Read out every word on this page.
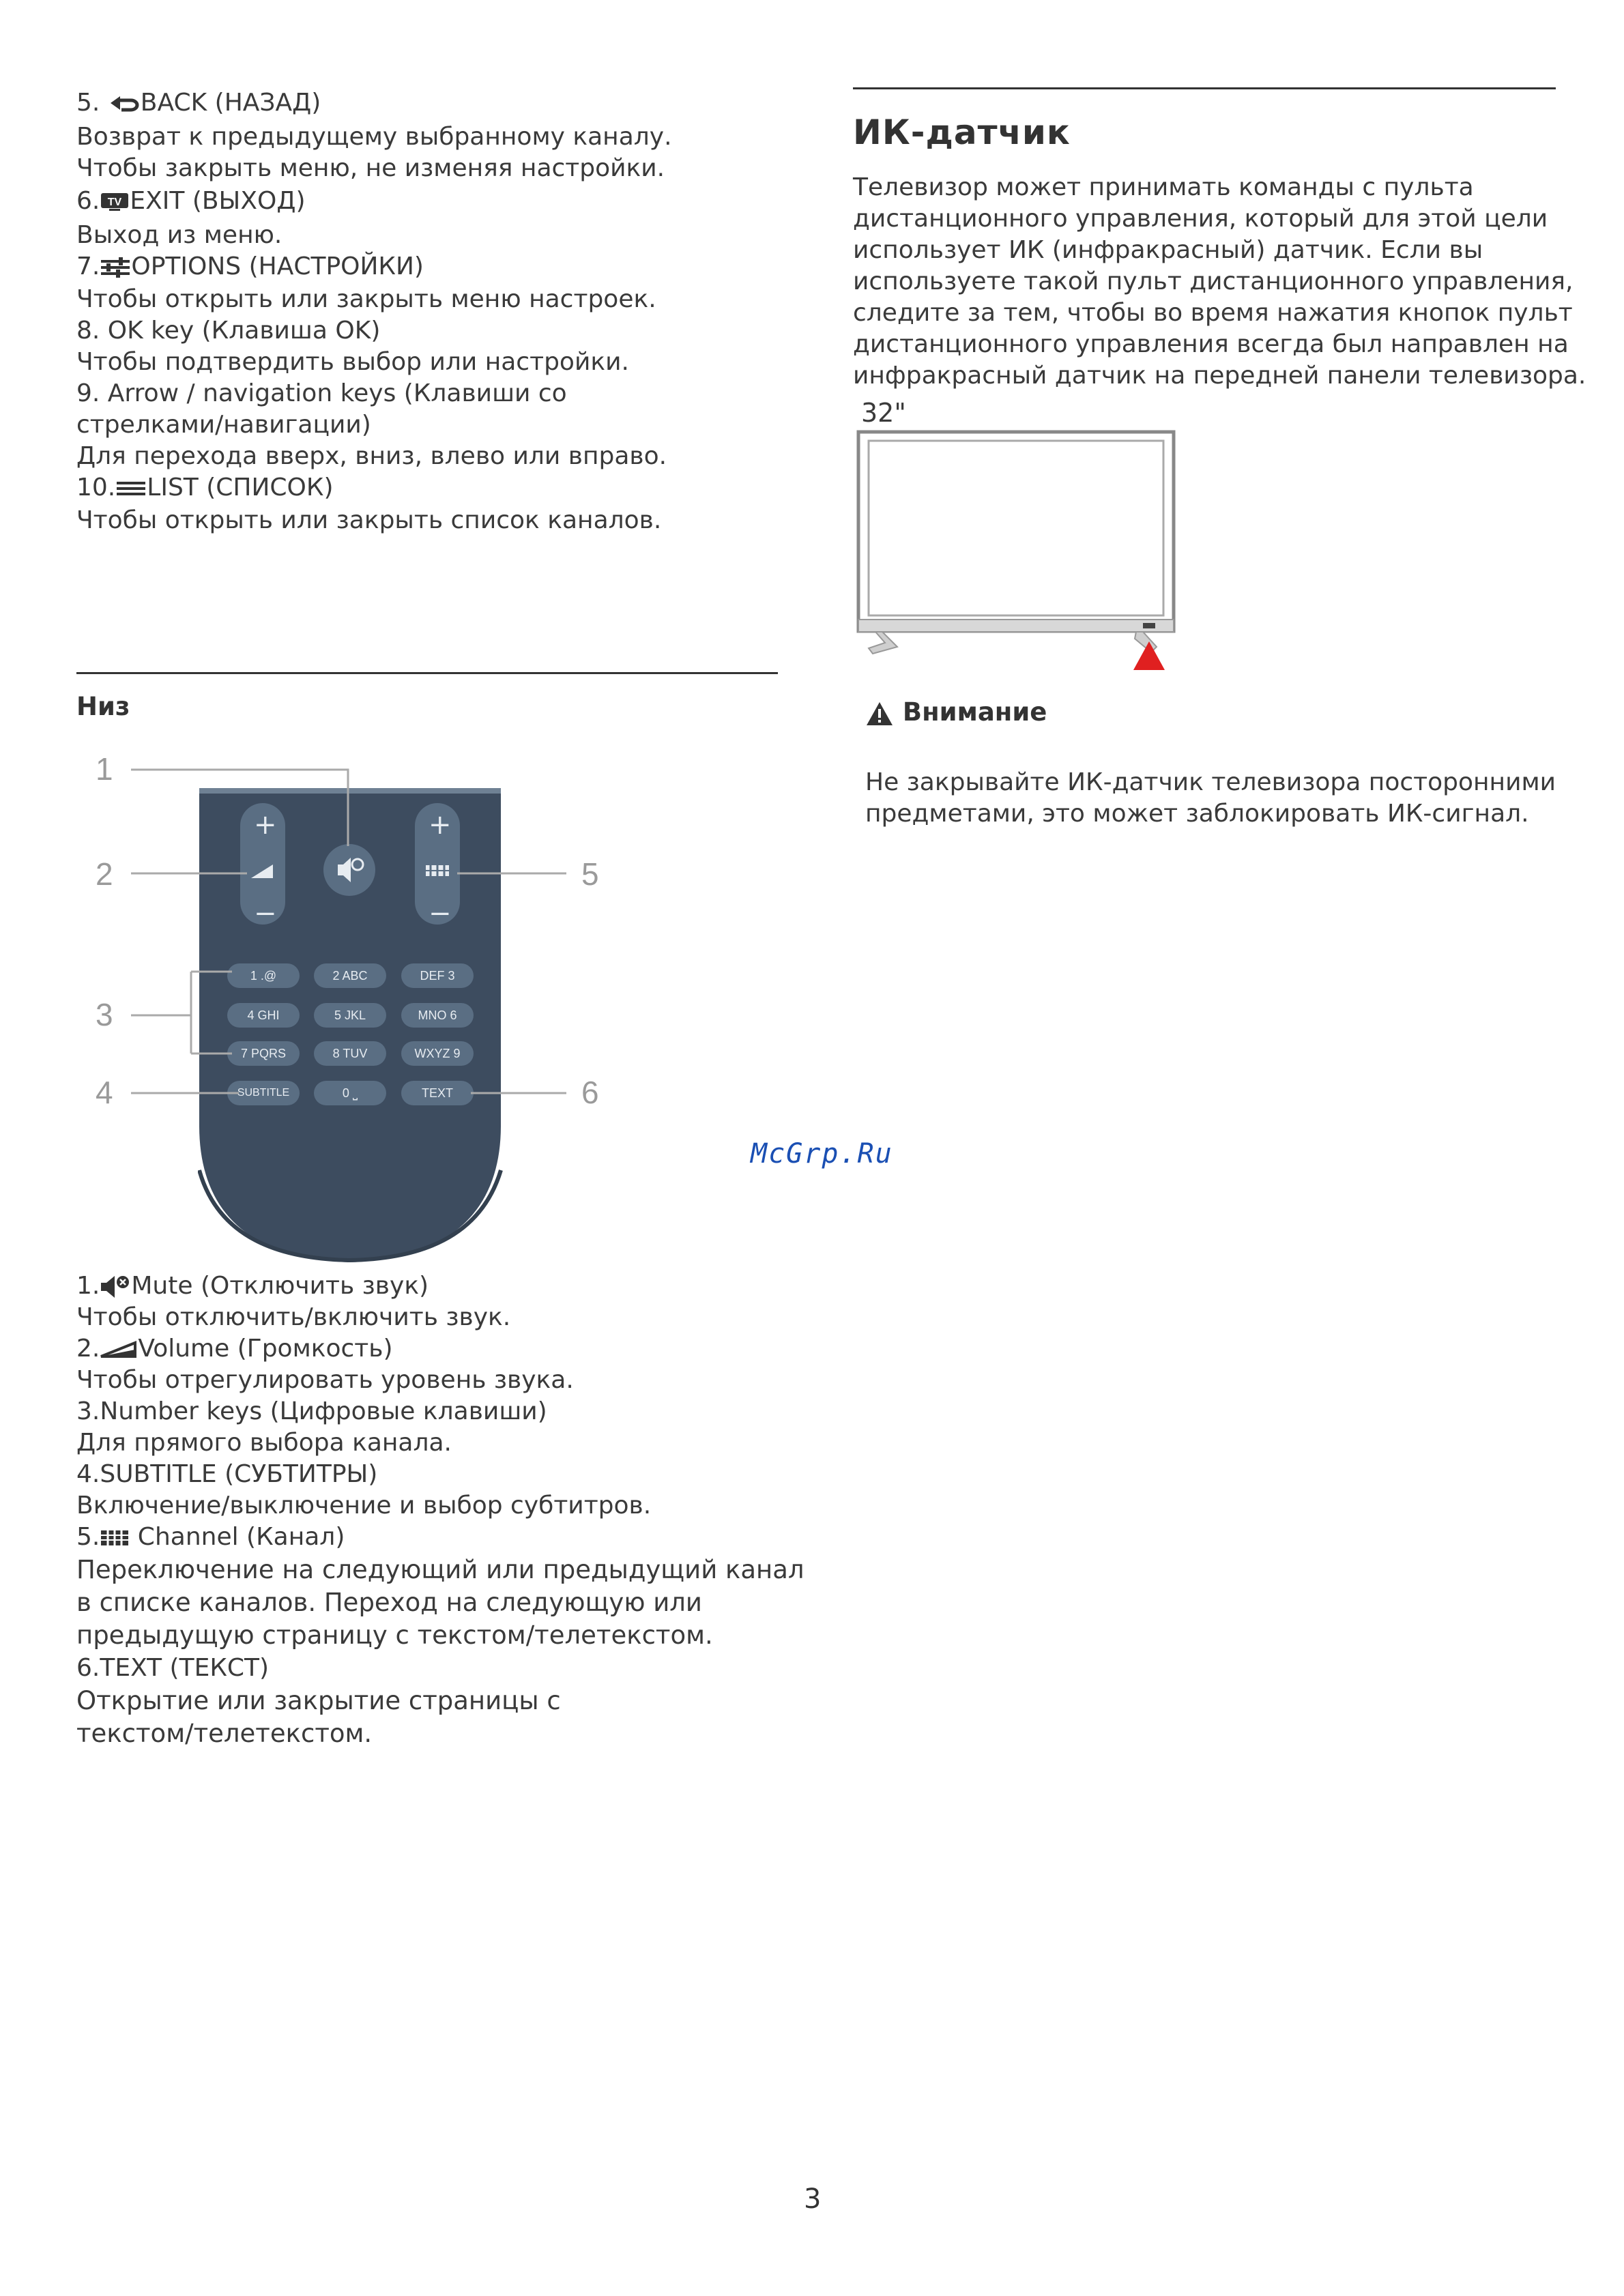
5. BACK (НАЗАД)
Возврат к предыдущему выбранному каналу.
Чтобы закрыть меню, не изменяя настройки.
6. TV EXIT (ВЫХОД)
Выход из меню.
7. OPTIONS (НАСТРОЙКИ)
Чтобы открыть или закрыть меню настроек.
8. OK key (Клавиша OK)
Чтобы подтвердить выбор или настройки.
9. Arrow / navigation keys (Клавиши со
стрелками/навигации)
Для перехода вверх, вниз, влево или вправо.
10. LIST (СПИСОК)
Чтобы открыть или закрыть список каналов.
ИК-датчик
Телевизор может принимать команды с пульта
дистанционного управления, который для этой цели
использует ИК (инфракрасный) датчик. Если вы
используете такой пульт дистанционного управления,
следите за тем, чтобы во время нажатия кнопок пульт
дистанционного управления всегда был направлен на
инфракрасный датчик на передней панели телевизора.
32"
Внимание
Не закрывайте ИК-датчик телевизора посторонними
предметами, это может заблокировать ИК-сигнал.
Низ
+
−
+
−
1 .@	2 ABC	DEF 3
4 GHI	5 JKL	MNO 6
7 PQRS	8 TUV	WXYZ 9
SUBTITLE	0 ⎵	TEXT
1
2
3
4
5
6
McGrp.Ru
1. Mute (Отключить звук)
Чтобы отключить/включить звук.
2. Volume (Громкость)
Чтобы отрегулировать уровень звука.
3.Number keys (Цифровые клавиши)
Для прямого выбора канала.
4.SUBTITLE (СУБТИТРЫ)
Включение/выключение и выбор субтитров.
5. Channel (Канал)
Переключение на следующий или предыдущий канал
в списке каналов. Переход на следующую или
предыдущую страницу с текстом/телетекстом.
6.TEXT (ТЕКСТ)
Открытие или закрытие страницы с
текстом/телетекстом.
3
